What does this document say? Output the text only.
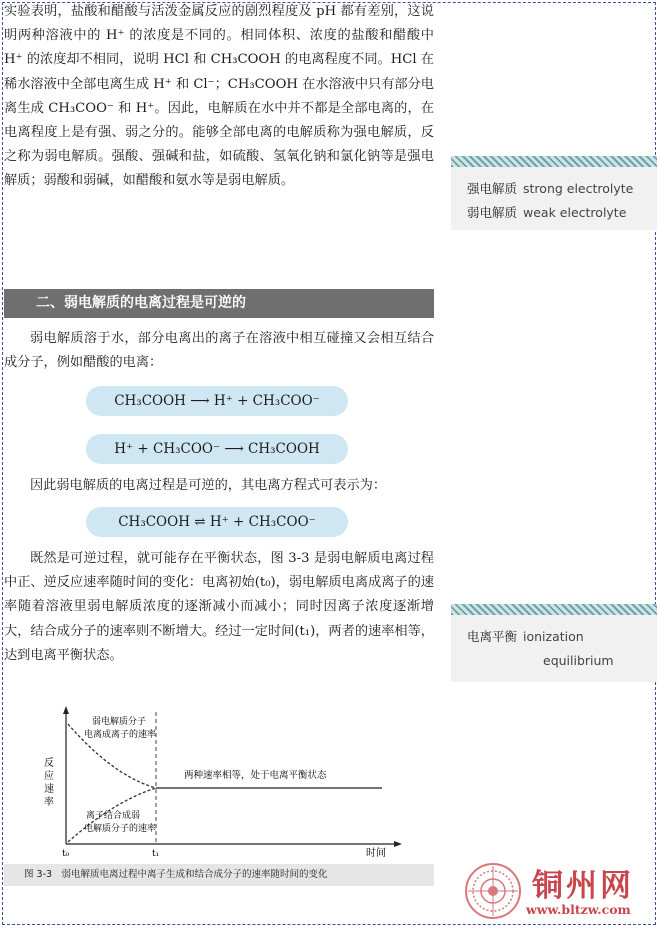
实验表明，盐酸和醋酸与活泼金属反应的剧烈程度及 pH 都有差别，这说明两种溶液中的 H⁺ 的浓度是不同的。相同体积、浓度的盐酸和醋酸中 H⁺ 的浓度却不相同，说明 HCl 和 CH₃COOH 的电离程度不同。HCl 在稀水溶液中全部电离生成 H⁺ 和 Cl⁻；CH₃COOH 在水溶液中只有部分电离生成 CH₃COO⁻ 和 H⁺。因此，电解质在水中并不都是全部电离的，在电离程度上是有强、弱之分的。能够全部电离的电解质称为强电解质，反之称为弱电解质。强酸、强碱和盐，如硫酸、氢氧化钠和氯化钠等是强电解质；弱酸和弱碱，如醋酸和氨水等是弱电解质。

二、弱电解质的电离过程是可逆的

弱电解质溶于水，部分电离出的离子在溶液中相互碰撞又会相互结合成分子，例如醋酸的电离：

CH₃COOH ⟶ H⁺ + CH₃COO⁻
H⁺ + CH₃COO⁻ ⟶ CH₃COOH

因此弱电解质的电离过程是可逆的，其电离方程式可表示为：

CH₃COOH ⇌ H⁺ + CH₃COO⁻

既然是可逆过程，就可能存在平衡状态，图 3-3 是弱电解质电离过程中正、逆反应速率随时间的变化：电离初始(t₀)，弱电解质电离成离子的速率随着溶液里弱电解质浓度的逐渐减小而减小；同时因离子浓度逐渐增大，结合成分子的速率则不断增大。经过一定时间(t₁)，两者的速率相等，达到电离平衡状态。

强电解质 strong electrolyte
弱电解质 weak electrolyte
电离平衡 ionization
equilibrium
反应速率
弱电解质分子
电离成离子的速率
离子结合成弱
电解质分子的速率
两种速率相等，处于电离平衡状态
t₀	t₁	时间
图 3-3　弱电解质电离过程中离子生成和结合成分子的速率随时间的变化	铜州网
www.bltzw.com
